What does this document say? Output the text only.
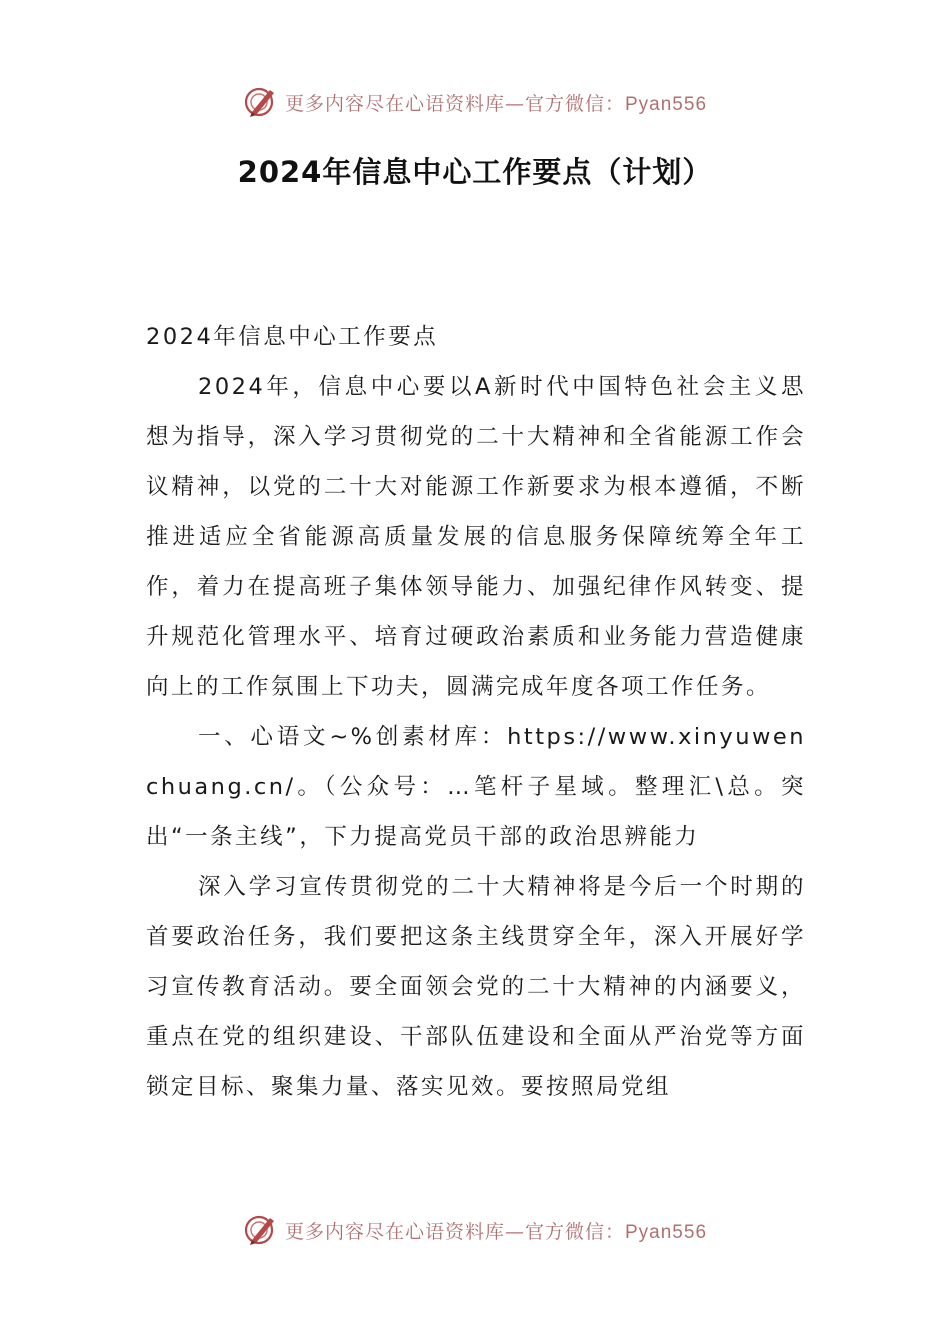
更多内容尽在心语资料库—官方微信：Pyan556
2024年信息中心工作要点（计划）

2024年信息中心工作要点

2024年，信息中心要以A新时代中国特色社会主义思想为指导，深入学习贯彻党的二十大精神和全省能源工作会议精神，以党的二十大对能源工作新要求为根本遵循，不断推进适应全省能源高质量发展的信息服务保障统筹全年工作，着力在提高班子集体领导能力、加强纪律作风转变、提升规范化管理水平、培育过硬政治素质和业务能力营造健康向上的工作氛围上下功夫，圆满完成年度各项工作任务。

一、心语文~%创素材库：https://www.xinyuwenchuang.cn/。（公众号：…笔杆子星域。整理汇\总。突出“一条主线”，下力提高党员干部的政治思辨能力

深入学习宣传贯彻党的二十大精神将是今后一个时期的首要政治任务，我们要把这条主线贯穿全年，深入开展好学习宣传教育活动。要全面领会党的二十大精神的内涵要义，重点在党的组织建设、干部队伍建设和全面从严治党等方面锁定目标、聚集力量、落实见效。要按照局党组

更多内容尽在心语资料库—官方微信：Pyan556
